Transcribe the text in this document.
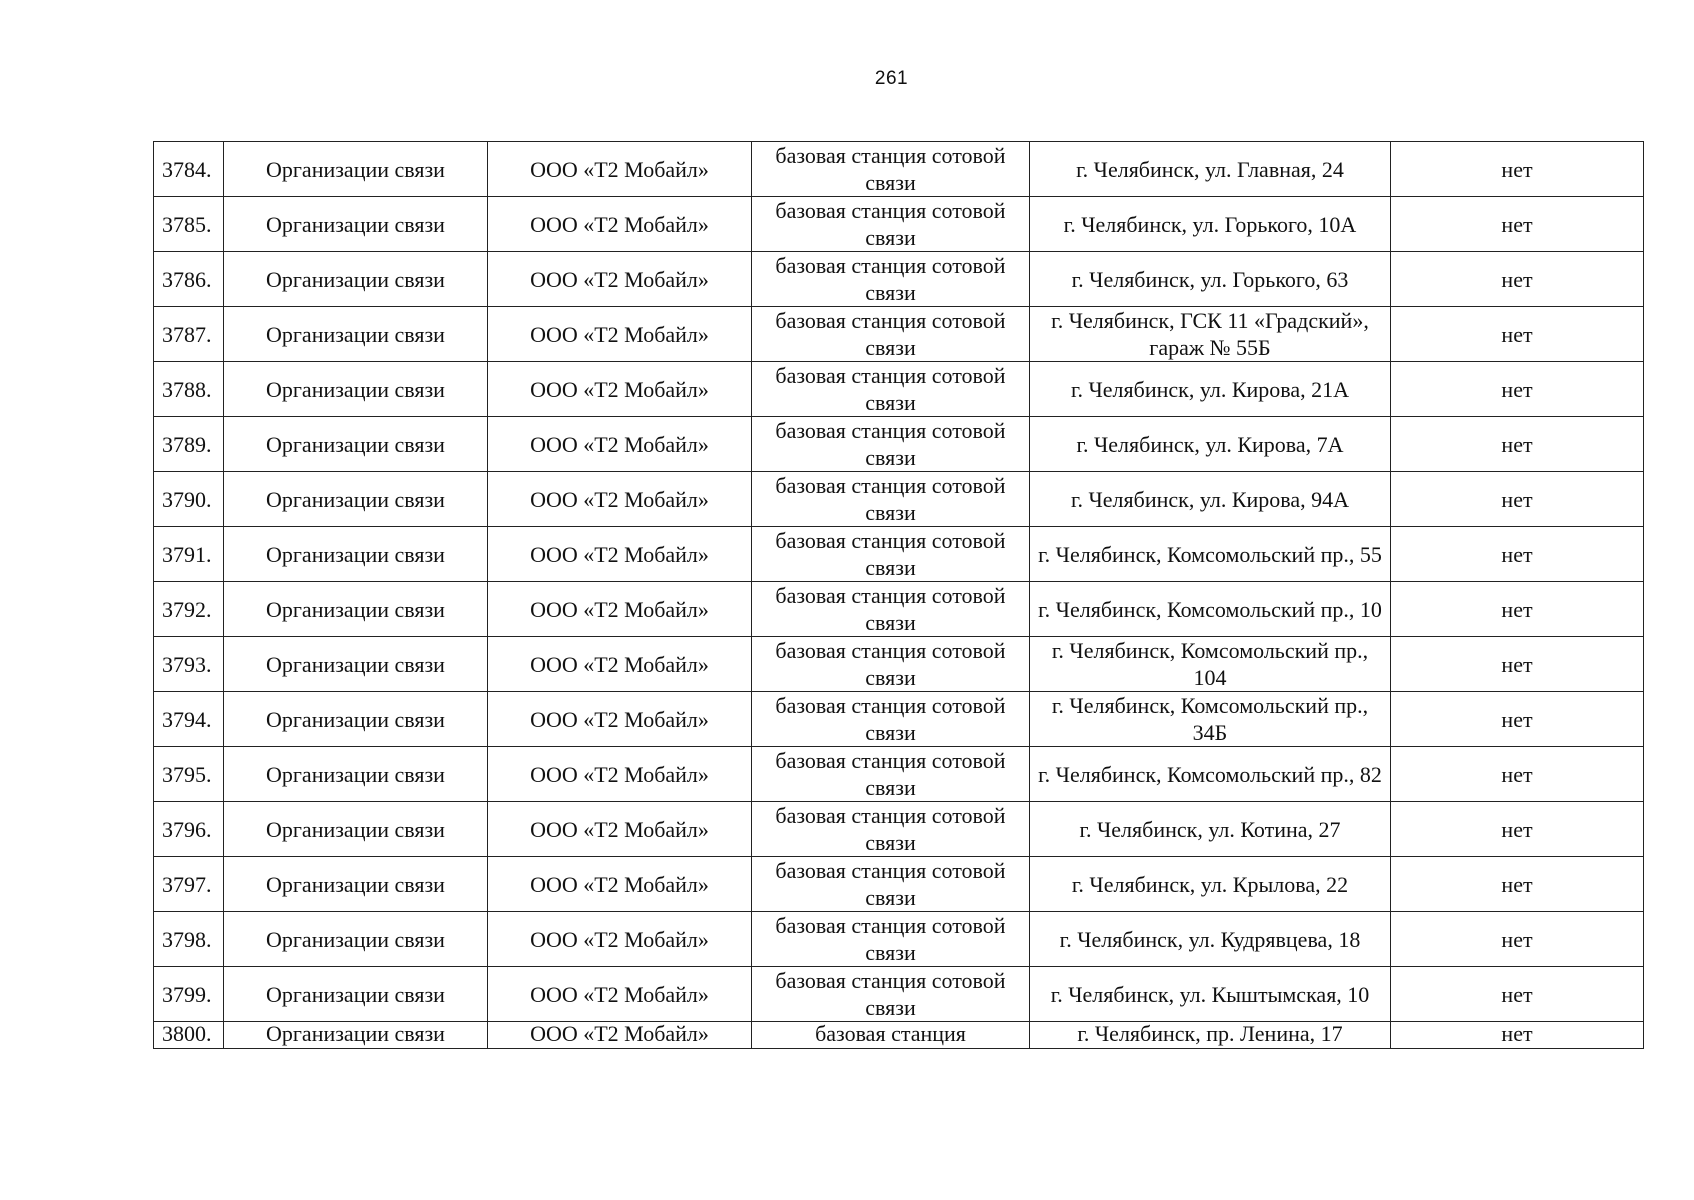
261
3784.	Организации связи	ООО «Т2 Мобайл»	базовая станция сотовой связи	г. Челябинск, ул. Главная, 24	нет
3785.	Организации связи	ООО «Т2 Мобайл»	базовая станция сотовой связи	г. Челябинск, ул. Горького, 10А	нет
3786.	Организации связи	ООО «Т2 Мобайл»	базовая станция сотовой связи	г. Челябинск, ул. Горького, 63	нет
3787.	Организации связи	ООО «Т2 Мобайл»	базовая станция сотовой связи	г. Челябинск, ГСК 11 «Градский», гараж № 55Б	нет
3788.	Организации связи	ООО «Т2 Мобайл»	базовая станция сотовой связи	г. Челябинск, ул. Кирова, 21А	нет
3789.	Организации связи	ООО «Т2 Мобайл»	базовая станция сотовой связи	г. Челябинск, ул. Кирова, 7А	нет
3790.	Организации связи	ООО «Т2 Мобайл»	базовая станция сотовой связи	г. Челябинск, ул. Кирова, 94А	нет
3791.	Организации связи	ООО «Т2 Мобайл»	базовая станция сотовой связи	г. Челябинск, Комсомольский пр., 55	нет
3792.	Организации связи	ООО «Т2 Мобайл»	базовая станция сотовой связи	г. Челябинск, Комсомольский пр., 10	нет
3793.	Организации связи	ООО «Т2 Мобайл»	базовая станция сотовой связи	г. Челябинск, Комсомольский пр., 104	нет
3794.	Организации связи	ООО «Т2 Мобайл»	базовая станция сотовой связи	г. Челябинск, Комсомольский пр., 34Б	нет
3795.	Организации связи	ООО «Т2 Мобайл»	базовая станция сотовой связи	г. Челябинск, Комсомольский пр., 82	нет
3796.	Организации связи	ООО «Т2 Мобайл»	базовая станция сотовой связи	г. Челябинск, ул. Котина, 27	нет
3797.	Организации связи	ООО «Т2 Мобайл»	базовая станция сотовой связи	г. Челябинск, ул. Крылова, 22	нет
3798.	Организации связи	ООО «Т2 Мобайл»	базовая станция сотовой связи	г. Челябинск, ул. Кудрявцева, 18	нет
3799.	Организации связи	ООО «Т2 Мобайл»	базовая станция сотовой связи	г. Челябинск, ул. Кыштымская, 10	нет
3800.	Организации связи	ООО «Т2 Мобайл»	базовая станция	г. Челябинск, пр. Ленина, 17	нет
